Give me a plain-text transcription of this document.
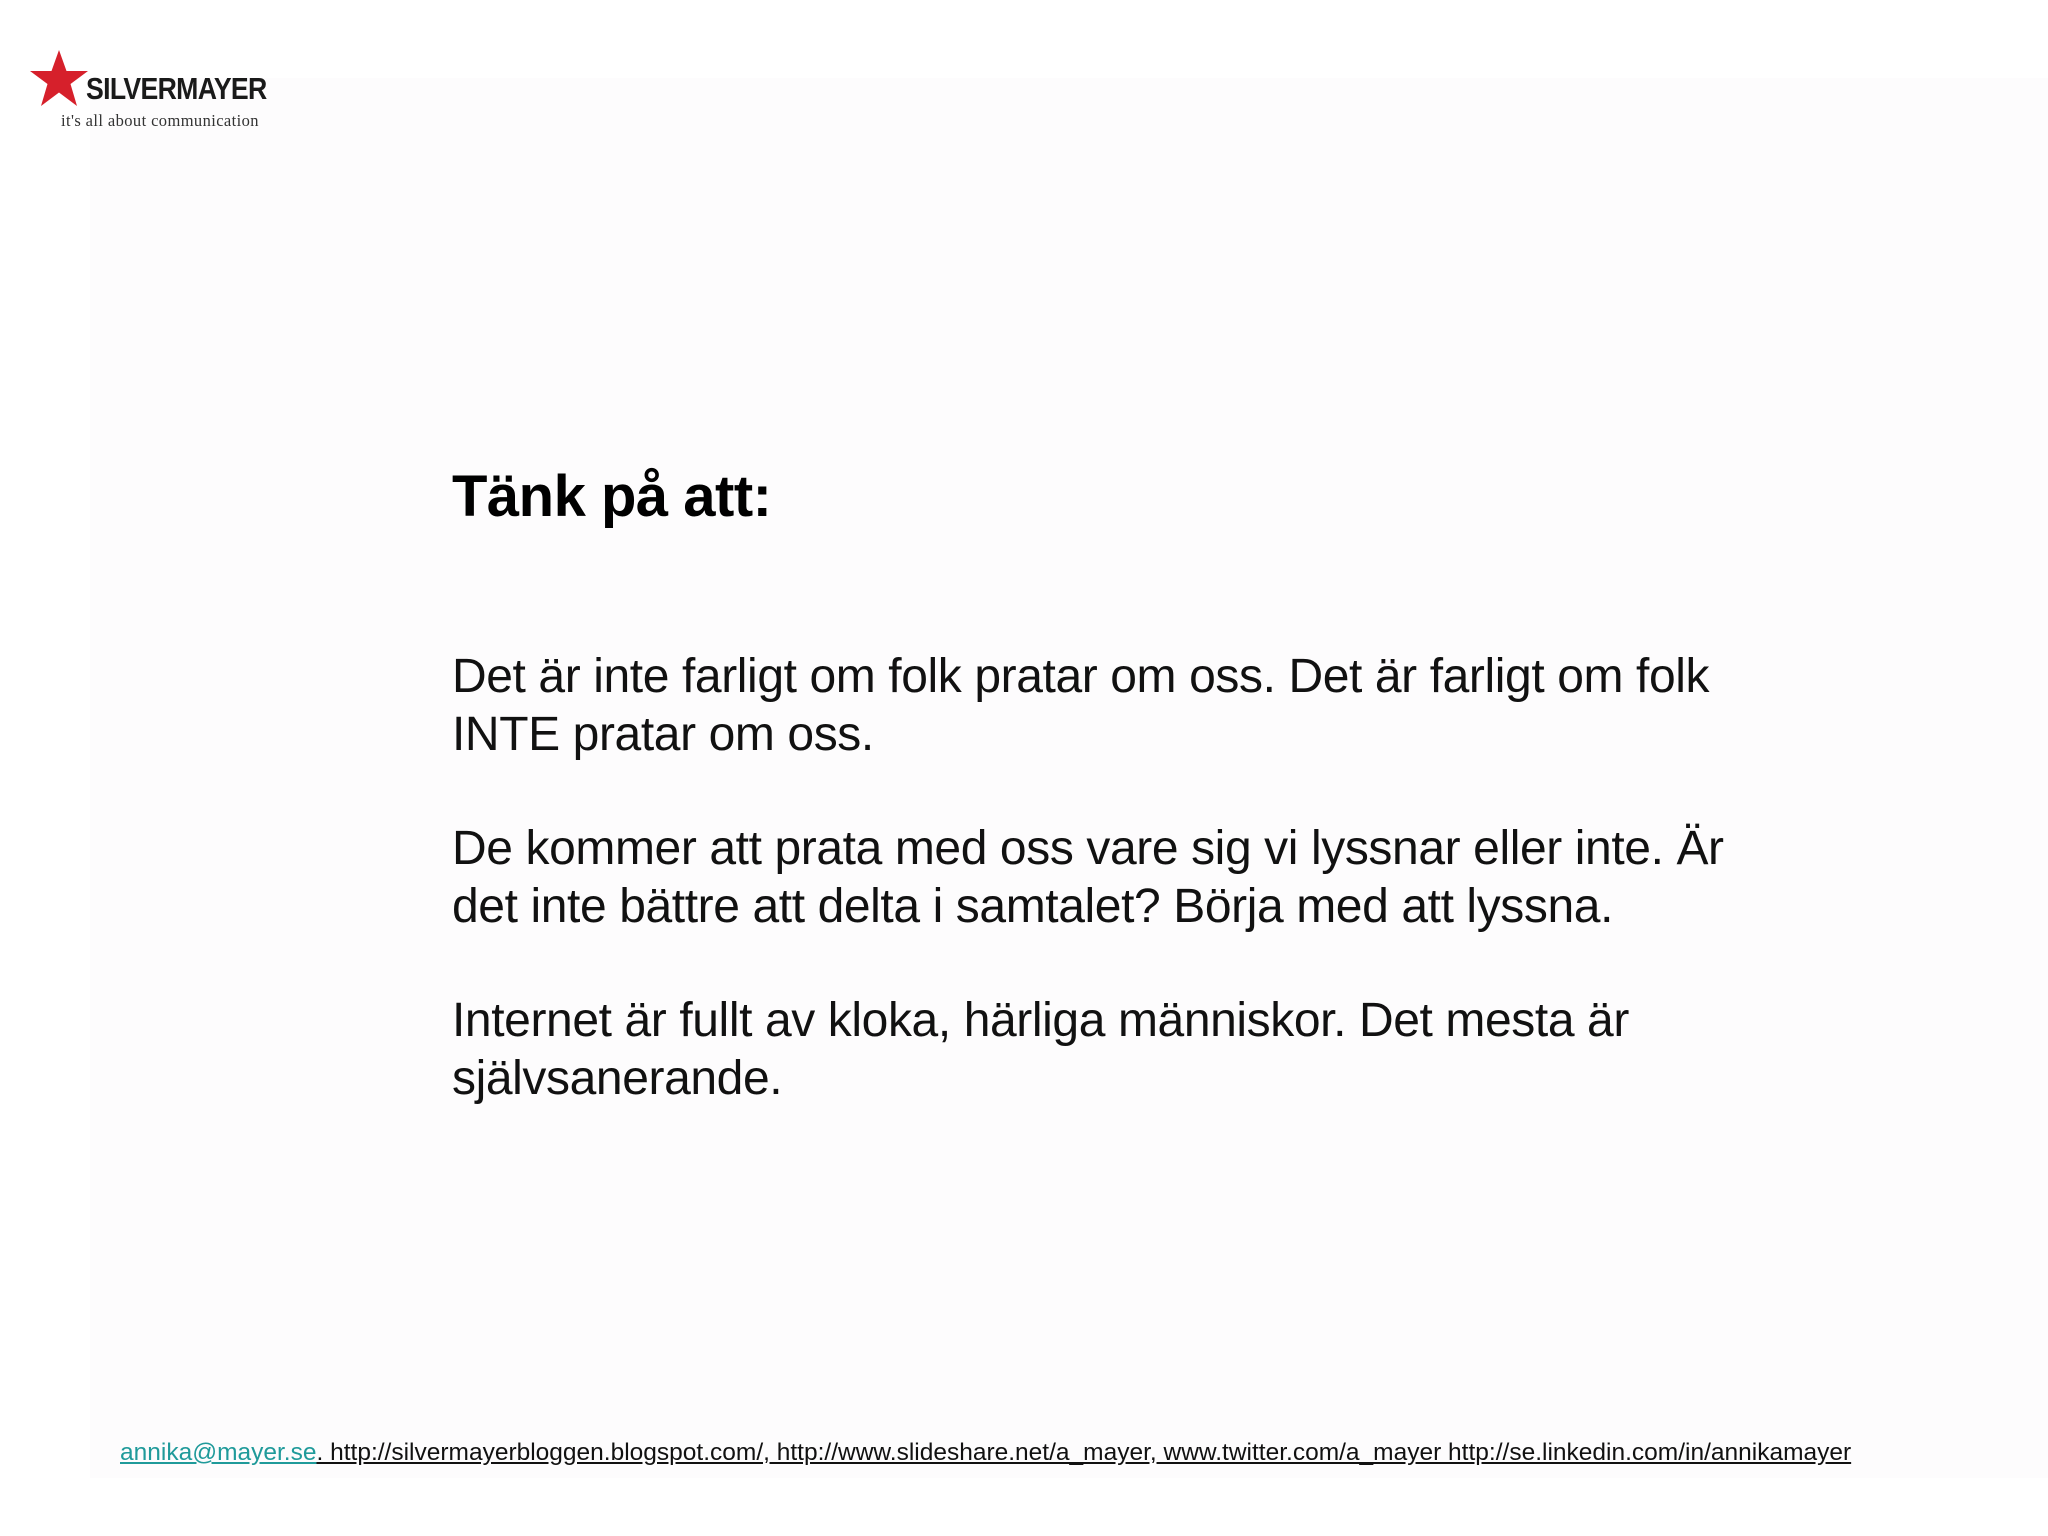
SILVERMAYER
it's all about communication
Tänk på att:

Det är inte farligt om folk pratar om oss. Det är farligt om folk INTE pratar om oss.

De kommer att prata med oss vare sig vi lyssnar eller inte. Är det inte bättre att delta i samtalet? Börja med att lyssna.

Internet är fullt av kloka, härliga människor. Det mesta är självsanerande.

annika@mayer.se. http://silvermayerbloggen.blogspot.com/, http://www.slideshare.net/a_mayer, www.twitter.com/a_mayer http://se.linkedin.com/in/annikamayer
